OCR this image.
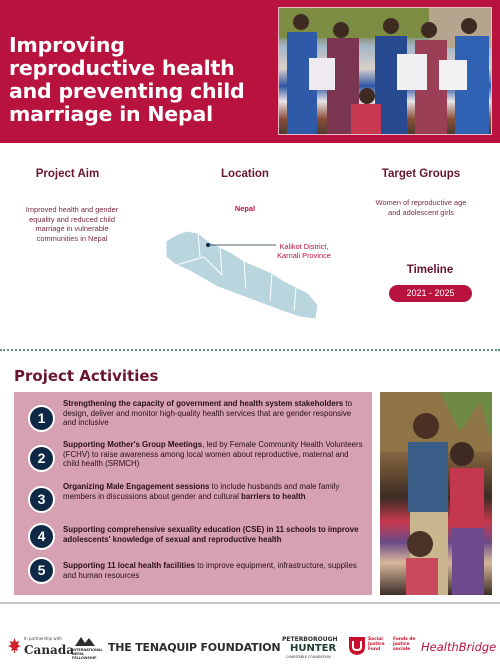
Improving reproductive health and preventing child marriage in Nepal
Project Aim
Improved health and gender equality and reduced child marriage in vulnerable communities in Nepal
Location
Nepal
Kalikot District,
Karnali Province
Target Groups
Women of reproductive age and adolescent girls
Timeline
2021 - 2025
Project Activities
1
Strengthening the capacity of government and health system stakeholders to design, deliver and monitor high-quality health services that are gender responsive and inclusive
2
Supporting Mother's Group Meetings, led by Female Community Health Volunteers (FCHV) to raise awareness among local women about reproductive, maternal and child health (SRMCH)
3
Organizing Male Engagement sessions to include husbands and male family members in discussions about gender and cultural barriers to health
4	Supporting comprehensive sexuality education (CSE) in 11 schools to improve adolescents' knowledge of sexual and reproductive health
5	Supporting 11 local health facilities to improve equipment, infrastructure, supplies and human resources
In partnership with
Canada
INTERNATIONAL NEPAL FELLOWSHIP
THE TENAQUIP FOUNDATION
PETERBOROUGH
HUNTER
CHARITABLE FOUNDATION
Social Justice Fund
Fonds de justice sociale HealthBridge
